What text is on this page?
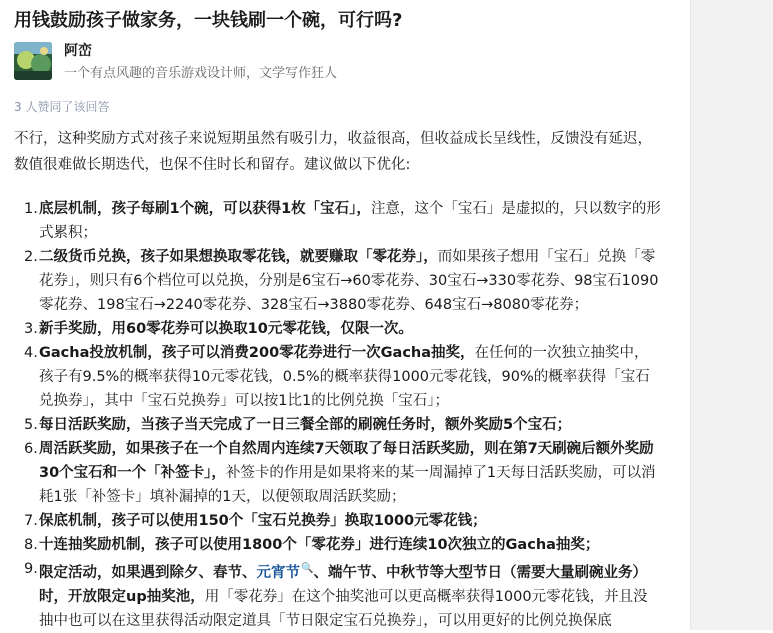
用钱鼓励孩子做家务，一块钱刷一个碗，可行吗?
阿峦
一个有点风趣的音乐游戏设计师，文学写作狂人
3 人赞同了该回答

不行，这种奖励方式对孩子来说短期虽然有吸引力，收益很高，但收益成长呈线性，反馈没有延迟，数值很难做长期迭代，也保不住时长和留存。建议做以下优化:

1. 底层机制，孩子每刷1个碗，可以获得1枚「宝石」，注意，这个「宝石」是虚拟的，只以数字的形式累积；
2. 二级货币兑换，孩子如果想换取零花钱，就要赚取「零花券」，而如果孩子想用「宝石」兑换「零花券」，则只有6个档位可以兑换，分别是6宝石→60零花券、30宝石→330零花券、98宝石1090零花券、198宝石→2240零花券、328宝石→3880零花券、648宝石→8080零花券；
3. 新手奖励，用60零花券可以换取10元零花钱，仅限一次。
4. Gacha投放机制，孩子可以消费200零花券进行一次Gacha抽奖，在任何的一次独立抽奖中，孩子有9.5%的概率获得10元零花钱，0.5%的概率获得1000元零花钱，90%的概率获得「宝石兑换券」，其中「宝石兑换券」可以按1比1的比例兑换「宝石」；
5. 每日活跃奖励，当孩子当天完成了一日三餐全部的刷碗任务时，额外奖励5个宝石；
6. 周活跃奖励，如果孩子在一个自然周内连续7天领取了每日活跃奖励，则在第7天刷碗后额外奖励30个宝石和一个「补签卡」，补签卡的作用是如果将来的某一周漏掉了1天每日活跃奖励，可以消耗1张「补签卡」填补漏掉的1天，以便领取周活跃奖励；
7. 保底机制，孩子可以使用150个「宝石兑换券」换取1000元零花钱；
8. 十连抽奖励机制，孩子可以使用1800个「零花券」进行连续10次独立的Gacha抽奖；
9. 限定活动，如果遇到除夕、春节、元宵节🔍、端午节、中秋节等大型节日（需要大量刷碗业务）时，开放限定up抽奖池，用「零花券」在这个抽奖池可以更高概率获得1000元零花钱，并且没抽中也可以在这里获得活动限定道具「节日限定宝石兑换券」，可以用更好的比例兑换保底
